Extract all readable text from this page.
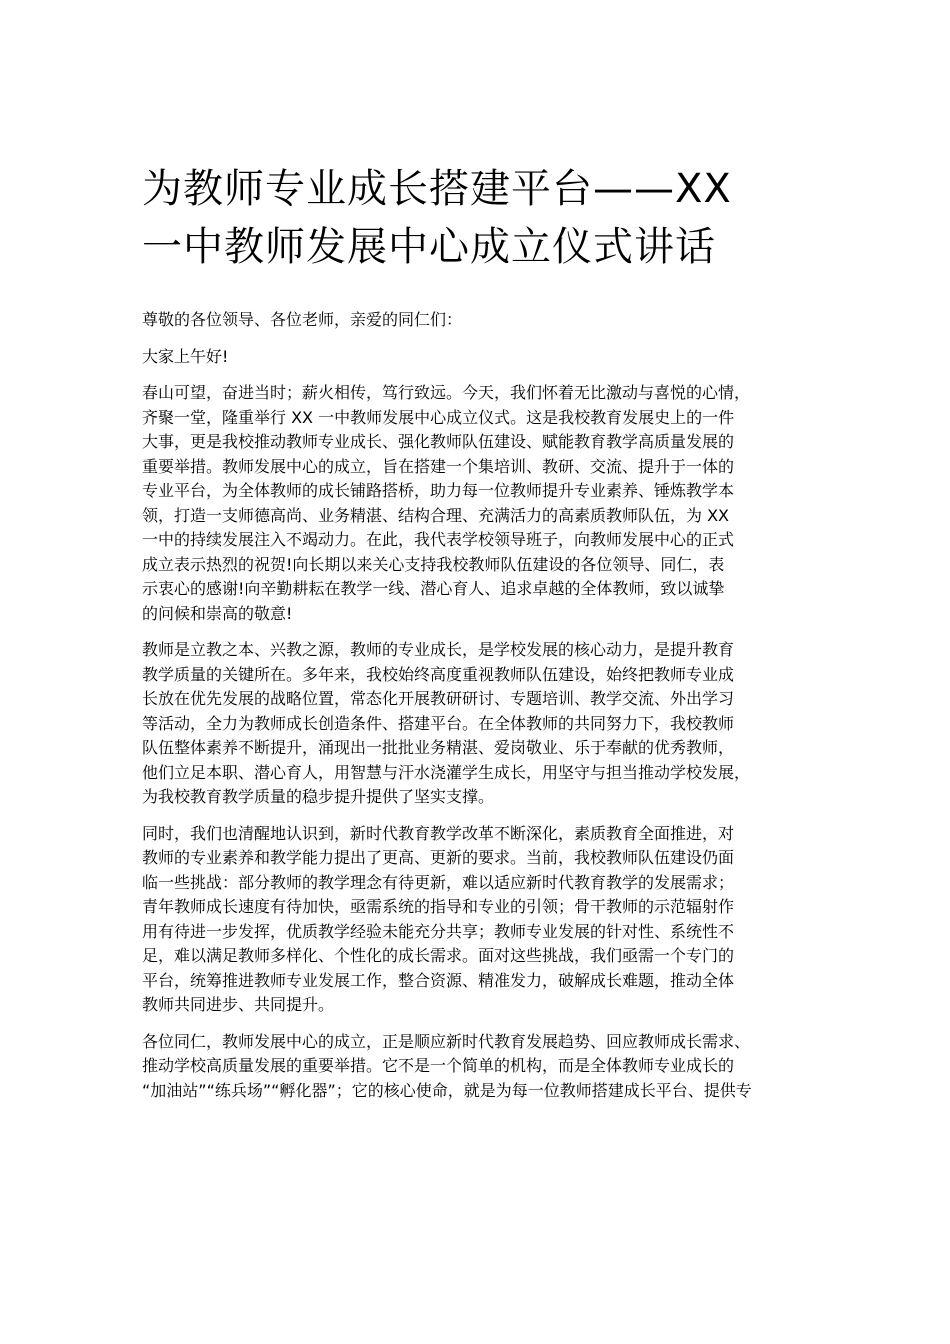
为教师专业成长搭建平台——XX
一中教师发展中心成立仪式讲话
尊敬的各位领导、各位老师，亲爱的同仁们：
大家上午好!
春山可望，奋进当时；薪火相传，笃行致远。今天，我们怀着无比激动与喜悦的心情，
齐聚一堂，隆重举行 XX 一中教师发展中心成立仪式。这是我校教育发展史上的一件
大事，更是我校推动教师专业成长、强化教师队伍建设、赋能教育教学高质量发展的
重要举措。教师发展中心的成立，旨在搭建一个集培训、教研、交流、提升于一体的
专业平台，为全体教师的成长铺路搭桥，助力每一位教师提升专业素养、锤炼教学本
领，打造一支师德高尚、业务精湛、结构合理、充满活力的高素质教师队伍，为 XX
一中的持续发展注入不竭动力。在此，我代表学校领导班子，向教师发展中心的正式
成立表示热烈的祝贺!向长期以来关心支持我校教师队伍建设的各位领导、同仁，表
示衷心的感谢!向辛勤耕耘在教学一线、潜心育人、追求卓越的全体教师，致以诚挚
的问候和崇高的敬意!
教师是立教之本、兴教之源，教师的专业成长，是学校发展的核心动力，是提升教育
教学质量的关键所在。多年来，我校始终高度重视教师队伍建设，始终把教师专业成
长放在优先发展的战略位置，常态化开展教研研讨、专题培训、教学交流、外出学习
等活动，全力为教师成长创造条件、搭建平台。在全体教师的共同努力下，我校教师
队伍整体素养不断提升，涌现出一批批业务精湛、爱岗敬业、乐于奉献的优秀教师，
他们立足本职、潜心育人，用智慧与汗水浇灌学生成长，用坚守与担当推动学校发展，
为我校教育教学质量的稳步提升提供了坚实支撑。
同时，我们也清醒地认识到，新时代教育教学改革不断深化，素质教育全面推进，对
教师的专业素养和教学能力提出了更高、更新的要求。当前，我校教师队伍建设仍面
临一些挑战：部分教师的教学理念有待更新，难以适应新时代教育教学的发展需求；
青年教师成长速度有待加快，亟需系统的指导和专业的引领；骨干教师的示范辐射作
用有待进一步发挥，优质教学经验未能充分共享；教师专业发展的针对性、系统性不
足，难以满足教师多样化、个性化的成长需求。面对这些挑战，我们亟需一个专门的
平台，统筹推进教师专业发展工作，整合资源、精准发力，破解成长难题，推动全体
教师共同进步、共同提升。
各位同仁，教师发展中心的成立，正是顺应新时代教育发展趋势、回应教师成长需求、
推动学校高质量发展的重要举措。它不是一个简单的机构，而是全体教师专业成长的
“加油站”“练兵场”“孵化器”；它的核心使命，就是为每一位教师搭建成长平台、提供专
